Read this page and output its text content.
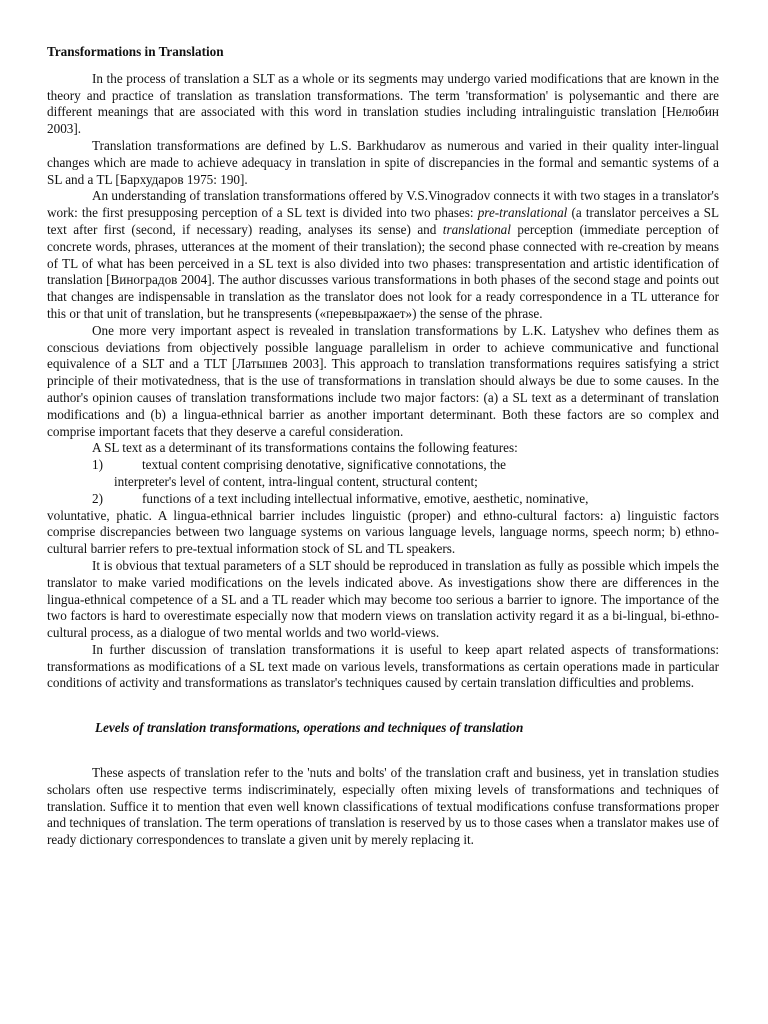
Transformations in Translation

In the process of translation a SLT as a whole or its segments may undergo varied modifications that are known in the theory and practice of translation as translation transformations. The term 'transformation' is polysemantic and there are different meanings that are associated with this word in translation studies including intralinguistic translation [Нелюбин 2003].

Translation transformations are defined by L.S. Barkhudarov as numerous and varied in their quality inter-lingual changes which are made to achieve adequacy in translation in spite of discrepancies in the formal and semantic systems of a SL and a TL [Бархударов 1975: 190].

An understanding of translation transformations offered by V.S.Vinogradov connects it with two stages in a translator's work: the first presupposing perception of a SL text is divided into two phases: pre-translational (a translator perceives a SL text after first (second, if necessary) reading, analyses its sense) and translational perception (immediate perception of concrete words, phrases, utterances at the moment of their translation); the second phase connected with re-creation by means of TL of what has been perceived in a SL text is also divided into two phases: transpresentation and artistic identification of translation [Виноградов 2004]. The author discusses various transformations in both phases of the second stage and points out that changes are indispensable in translation as the translator does not look for a ready correspondence in a TL utterance for this or that unit of translation, but he transpresents («перевыражает») the sense of the phrase.

One more very important aspect is revealed in translation transformations by L.K. Latyshev who defines them as conscious deviations from objectively possible language parallelism in order to achieve communicative and functional equivalence of a SLT and a TLT [Латышев 2003]. This approach to translation transformations requires satisfying a strict principle of their motivatedness, that is the use of transformations in translation should always be due to some causes. In the author's opinion causes of translation transformations include two major factors: (a) a SL text as a determinant of translation modifications and (b) a lingua-ethnical barrier as another important determinant. Both these factors are so complex and comprise important facets that they deserve a careful consideration.

A SL text as a determinant of its transformations contains the following features:

1)	textual content comprising denotative, significative connotations, the

interpreter's level of content, intra-lingual content, structural content;

2)	functions of a text including intellectual informative, emotive, aesthetic, nominative,

voluntative, phatic. A lingua-ethnical barrier includes linguistic (proper) and ethno-cultural factors: a) linguistic factors comprise discrepancies between two language systems on various language levels, language norms, speech norm; b) ethno-cultural barrier refers to pre-textual information stock of SL and TL speakers.

It is obvious that textual parameters of a SLT should be reproduced in translation as fully as possible which impels the translator to make varied modifications on the levels indicated above. As investigations show there are differences in the lingua-ethnical competence of a SL and a TL reader which may become too serious a barrier to ignore. The importance of the two factors is hard to overestimate especially now that modern views on translation activity regard it as a bi-lingual, bi-ethno-cultural process, as a dialogue of two mental worlds and two world-views.

In further discussion of translation transformations it is useful to keep apart related aspects of transformations: transformations as modifications of a SL text made on various levels, transformations as certain operations made in particular conditions of activity and transformations as translator's techniques caused by certain translation difficulties and problems.

Levels of translation transformations, operations and techniques of translation

These aspects of translation refer to the 'nuts and bolts' of the translation craft and business, yet in translation studies scholars often use respective terms indiscriminately, especially often mixing levels of transformations and techniques of translation. Suffice it to mention that even well known classifications of textual modifications confuse transformations proper and techniques of translation. The term operations of translation is reserved by us to those cases when a translator makes use of ready dictionary correspondences to translate a given unit by merely replacing it.
